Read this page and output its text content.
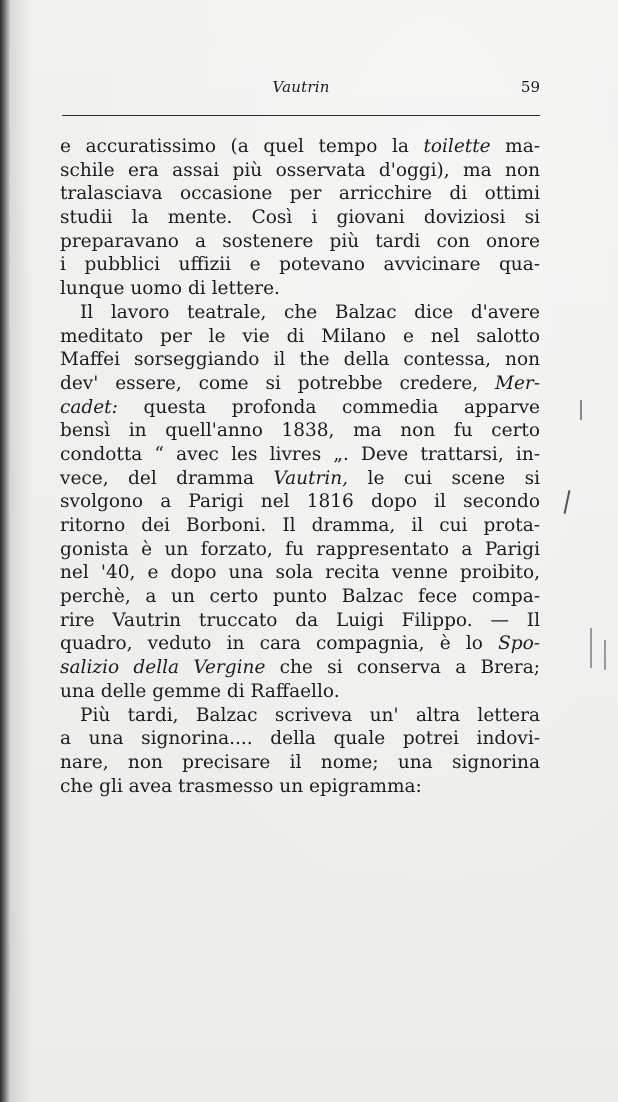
Vautrin	59
e accuratissimo (a quel tempo la toilette ma-
schile era assai più osservata d'oggi), ma non
tralasciava occasione per arricchire di ottimi
studii la mente. Così i giovani doviziosi si
preparavano a sostenere più tardi con onore
i pubblici uffizii e potevano avvicinare qua-
lunque uomo di lettere.
Il lavoro teatrale, che Balzac dice d'avere
meditato per le vie di Milano e nel salotto
Maffei sorseggiando il the della contessa, non
dev' essere, come si potrebbe credere, Mer-
cadet: questa profonda commedia apparve
bensì in quell'anno 1838, ma non fu certo
condotta “ avec les livres „. Deve trattarsi, in-
vece, del dramma Vautrin, le cui scene si
svolgono a Parigi nel 1816 dopo il secondo
ritorno dei Borboni. Il dramma, il cui prota-
gonista è un forzato, fu rappresentato a Parigi
nel '40, e dopo una sola recita venne proibito,
perchè, a un certo punto Balzac fece compa-
rire Vautrin truccato da Luigi Filippo. — Il
quadro, veduto in cara compagnia, è lo Spo-
salizio della Vergine che si conserva a Brera;
una delle gemme di Raffaello.
Più tardi, Balzac scriveva un' altra lettera
a una signorina.... della quale potrei indovi-
nare, non precisare il nome; una signorina
che gli avea trasmesso un epigramma:
